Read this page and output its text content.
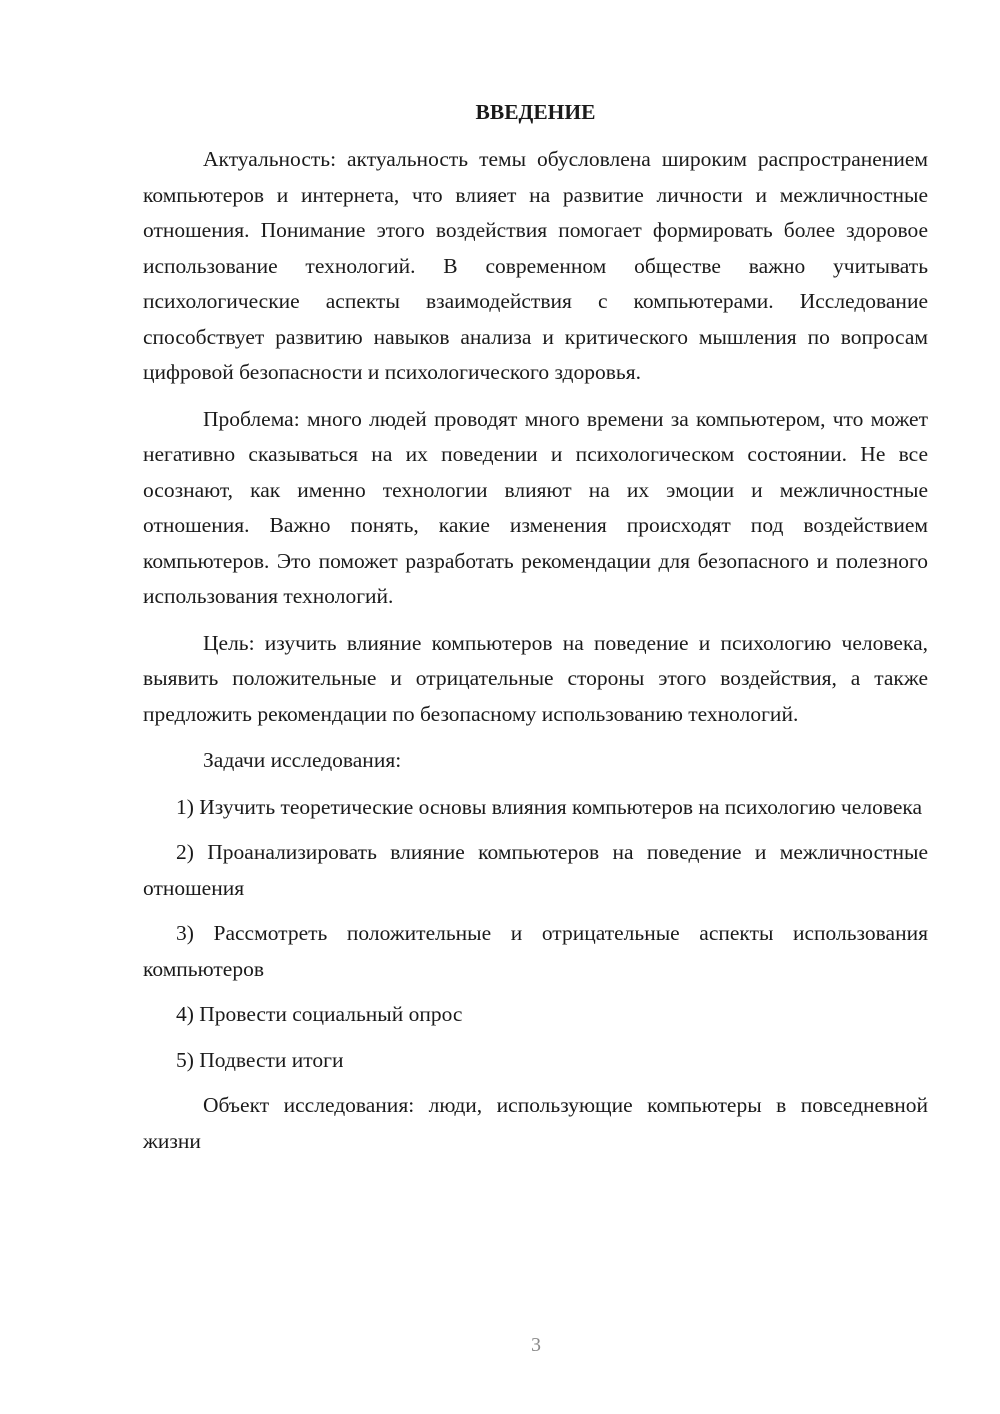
ВВЕДЕНИЕ

Актуальность: актуальность темы обусловлена широким распространением компьютеров и интернета, что влияет на развитие личности и межличностные отношения. Понимание этого воздействия помогает формировать более здоровое использование технологий. В современном обществе важно учитывать психологические аспекты взаимодействия с компьютерами. Исследование способствует развитию навыков анализа и критического мышления по вопросам цифровой безопасности и психологического здоровья.

Проблема: много людей проводят много времени за компьютером, что может негативно сказываться на их поведении и психологическом состоянии. Не все осознают, как именно технологии влияют на их эмоции и межличностные отношения. Важно понять, какие изменения происходят под воздействием компьютеров. Это поможет разработать рекомендации для безопасного и полезного использования технологий.

Цель: изучить влияние компьютеров на поведение и психологию человека, выявить положительные и отрицательные стороны этого воздействия, а также предложить рекомендации по безопасному использованию технологий.

Задачи исследования:

1) Изучить теоретические основы влияния компьютеров на психологию человека

2) Проанализировать влияние компьютеров на поведение и межличностные отношения

3) Рассмотреть положительные и отрицательные аспекты использования компьютеров

4) Провести социальный опрос

5) Подвести итоги

Объект исследования: люди, использующие компьютеры в повседневной жизни

3
